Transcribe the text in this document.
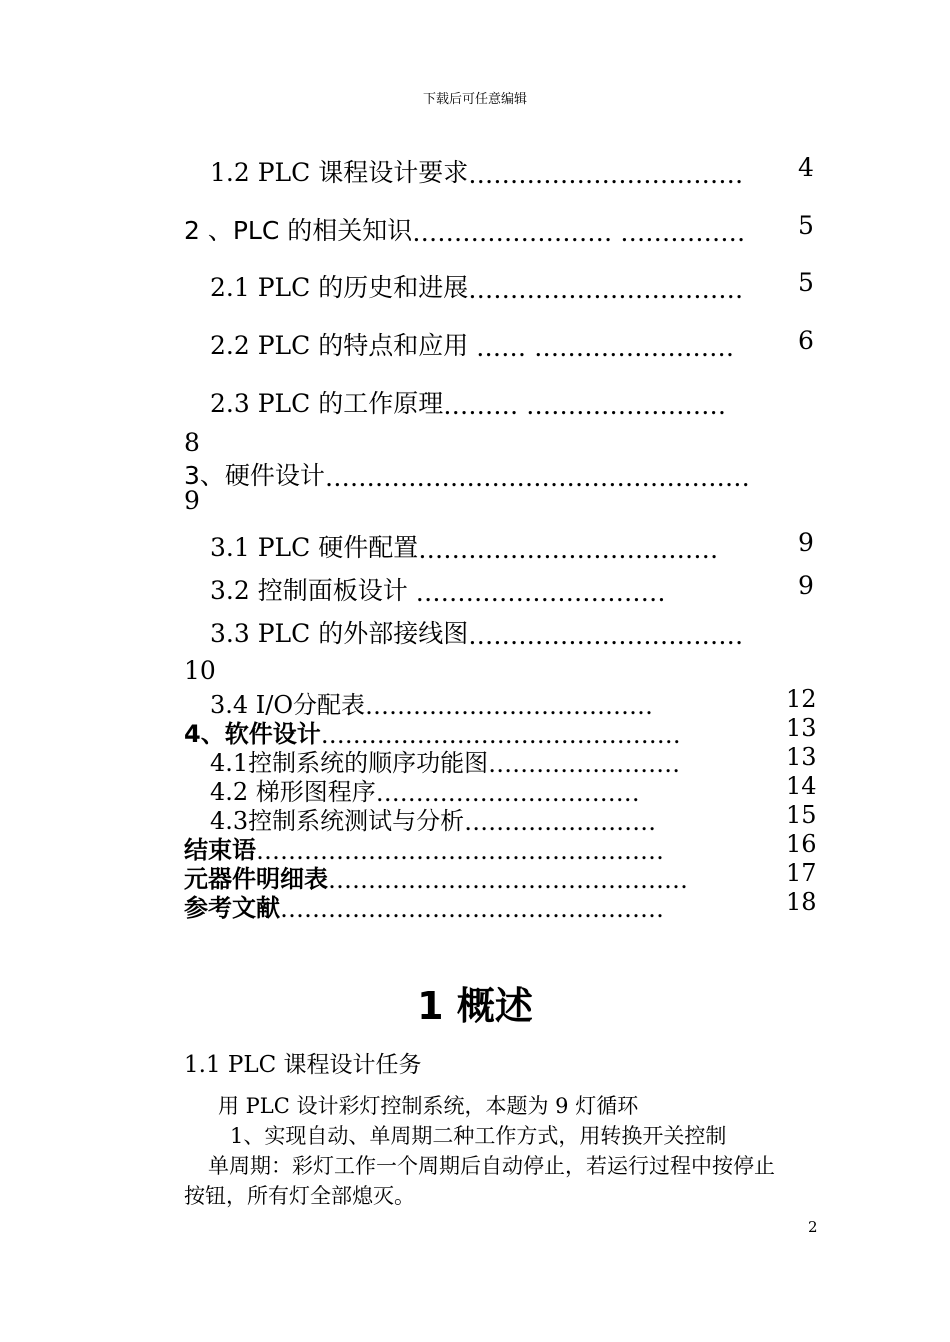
下载后可任意编辑
1.2 PLC 课程设计要求…………………………… 4
2 、PLC 的相关知识…………………… …………… 5
2.1 PLC 的历史和进展…………………………… 5
2.2 PLC 的特点和应用 …… ……………………	6
2.3 PLC 的工作原理……… ……………………
8
3、硬件设计……………………………………………
9
3.1 PLC 硬件配置………………………………	9
3.2 控制面板设计 …………………………	9
3.3 PLC 的外部接线图……………………………
10
3.4 I/O分配表………………………………	12
4、软件设计………………………………………	13
4.1控制系统的顺序功能图……………………	13
4.2 梯形图程序……………………………	14
4.3控制系统测试与分析……………………	15
结束语……………………………………………	16
元器件明细表………………………………………	17
参考文献…………………………………………	18
1 概述
1.1 PLC 课程设计任务
用 PLC 设计彩灯控制系统，本题为 9 灯循环
1、实现自动、单周期二种工作方式，用转换开关控制
单周期：彩灯工作一个周期后自动停止，若运行过程中按停止
按钮，所有灯全部熄灭。
2
